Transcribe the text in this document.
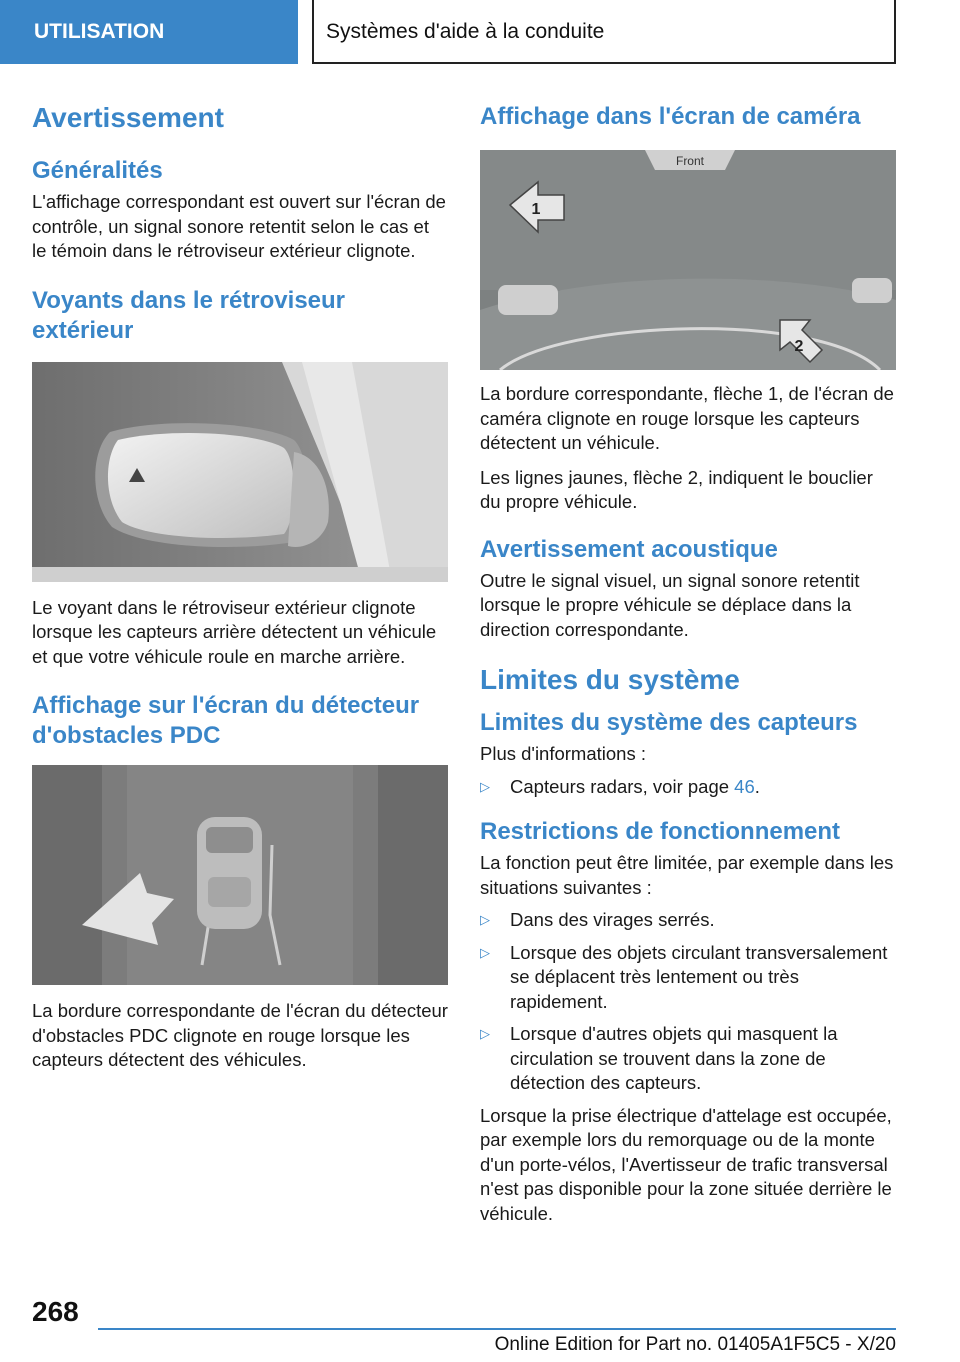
UTILISATION	Systèmes d'aide à la conduite
Avertissement
Généralités

L'affichage correspondant est ouvert sur l'écran de contrôle, un signal sonore retentit selon le cas et le témoin dans le rétroviseur extérieur clignote.

Voyants dans le rétroviseur extérieur

Le voyant dans le rétroviseur extérieur clignote lorsque les capteurs arrière détectent un véhicule et que votre véhicule roule en marche arrière.

Affichage sur l'écran du détecteur d'obstacles PDC

La bordure correspondante de l'écran du détecteur d'obstacles PDC clignote en rouge lorsque les capteurs détectent des véhicules.

Affichage dans l'écran de caméra
Front
1
2

La bordure correspondante, flèche 1, de l'écran de caméra clignote en rouge lorsque les capteurs détectent un véhicule.

Les lignes jaunes, flèche 2, indiquent le bouclier du propre véhicule.

Avertissement acoustique

Outre le signal visuel, un signal sonore retentit lorsque le propre véhicule se déplace dans la direction correspondante.

Limites du système
Limites du système des capteurs

Plus d'informations :

▷ Capteurs radars, voir page 46.
Restrictions de fonctionnement

La fonction peut être limitée, par exemple dans les situations suivantes :

▷ Dans des virages serrés.
▷ Lorsque des objets circulant transversalement se déplacent très lentement ou très rapidement.
▷ Lorsque d'autres objets qui masquent la circulation se trouvent dans la zone de détection des capteurs.

Lorsque la prise électrique d'attelage est occupée, par exemple lors du remorquage ou de la monte d'un porte-vélos, l'Avertisseur de trafic transversal n'est pas disponible pour la zone située derrière le véhicule.

268
Online Edition for Part no. 01405A1F5C5 - X/20
